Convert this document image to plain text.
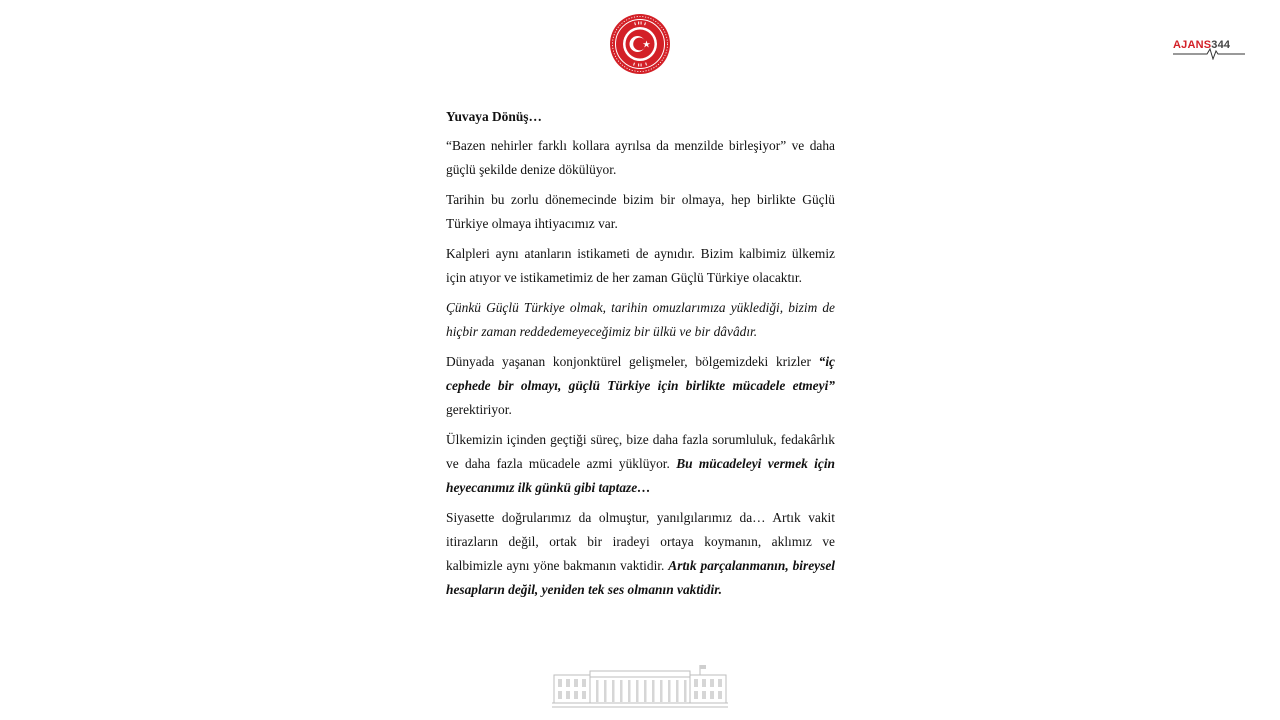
AJANS344
Yuvaya Dönüş…

“Bazen nehirler farklı kollara ayrılsa da menzilde birleşiyor” ve daha güçlü şekilde denize dökülüyor.

Tarihin bu zorlu dönemecinde bizim bir olmaya, hep birlikte Güçlü Türkiye olmaya ihtiyacımız var.

Kalpleri aynı atanların istikameti de aynıdır. Bizim kalbimiz ülkemiz için atıyor ve istikametimiz de her zaman Güçlü Türkiye olacaktır.

Çünkü Güçlü Türkiye olmak, tarihin omuzlarımıza yüklediği, bizim de hiçbir zaman reddedemeyeceğimiz bir ülkü ve bir dâvâdır.

Dünyada yaşanan konjonktürel gelişmeler, bölgemizdeki krizler “iç cephede bir olmayı, güçlü Türkiye için birlikte mücadele etmeyi” gerektiriyor.

Ülkemizin içinden geçtiği süreç, bize daha fazla sorumluluk, fedakârlık ve daha fazla mücadele azmi yüklüyor. Bu mücadeleyi vermek için heyecanımız ilk günkü gibi taptaze…

Siyasette doğrularımız da olmuştur, yanılgılarımız da… Artık vakit itirazların değil, ortak bir iradeyi ortaya koymanın, aklımız ve kalbimizle aynı yöne bakmanın vaktidir. Artık parçalanmanın, bireysel hesapların değil, yeniden tek ses olmanın vaktidir.
